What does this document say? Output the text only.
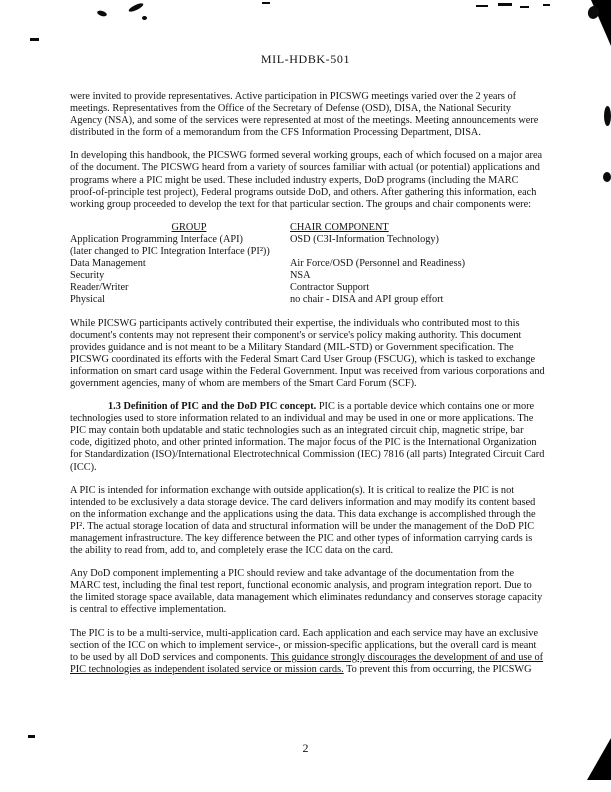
MIL-HDBK-501

were invited to provide representatives. Active participation in PICSWG meetings varied over the 2 years of meetings. Representatives from the Office of the Secretary of Defense (OSD), DISA, the National Security Agency (NSA), and some of the services were represented at most of the meetings. Meeting announcements were distributed in the form of a memorandum from the CFS Information Processing Department, DISA.

In developing this handbook, the PICSWG formed several working groups, each of which focused on a major area of the document. The PICSWG heard from a variety of sources familiar with actual (or potential) applications and programs where a PIC might be used. These included industry experts, DoD programs (including the MARC proof-of-principle test project), Federal programs outside DoD, and others. After gathering this information, each working group proceeded to develop the text for that particular section. The groups and chair components were:

GROUP	CHAIR COMPONENT
Application Programming Interface (API)	OSD (C3I-Information Technology)
(later changed to PIC Integration Interface (PI²))
Data Management	Air Force/OSD (Personnel and Readiness)
Security	NSA
Reader/Writer	Contractor Support
Physical	no chair - DISA and API group effort

While PICSWG participants actively contributed their expertise, the individuals who contributed most to this document's contents may not represent their component's or service's policy making authority. This document provides guidance and is not meant to be a Military Standard (MIL-STD) or Government specification. The PICSWG coordinated its efforts with the Federal Smart Card User Group (FSCUG), which is tasked to exchange information on smart card usage within the Federal Government. Input was received from various corporations and government agencies, many of whom are members of the Smart Card Forum (SCF).

1.3 Definition of PIC and the DoD PIC concept. PIC is a portable device which contains one or more technologies used to store information related to an individual and may be used in one or more applications. The PIC may contain both updatable and static technologies such as an integrated circuit chip, magnetic stripe, bar code, digitized photo, and other printed information. The major focus of the PIC is the International Organization for Standardization (ISO)/International Electrotechnical Commission (IEC) 7816 (all parts) Integrated Circuit Card (ICC).

A PIC is intended for information exchange with outside application(s). It is critical to realize the PIC is not intended to be exclusively a data storage device. The card delivers information and may modify its content based on the information exchange and the applications using the data. This data exchange is accomplished through the PI². The actual storage location of data and structural information will be under the management of the DoD PIC management infrastructure. The key difference between the PIC and other types of information carrying cards is the ability to read from, add to, and completely erase the ICC data on the card.

Any DoD component implementing a PIC should review and take advantage of the documentation from the MARC test, including the final test report, functional economic analysis, and program integration report. Due to the limited storage space available, data management which eliminates redundancy and conserves storage capacity is central to effective implementation.

The PIC is to be a multi-service, multi-application card. Each application and each service may have an exclusive section of the ICC on which to implement service-, or mission-specific applications, but the overall card is meant to be used by all DoD services and components. This guidance strongly discourages the development of and use of PIC technologies as independent isolated service or mission cards. To prevent this from occurring, the PICSWG

2
